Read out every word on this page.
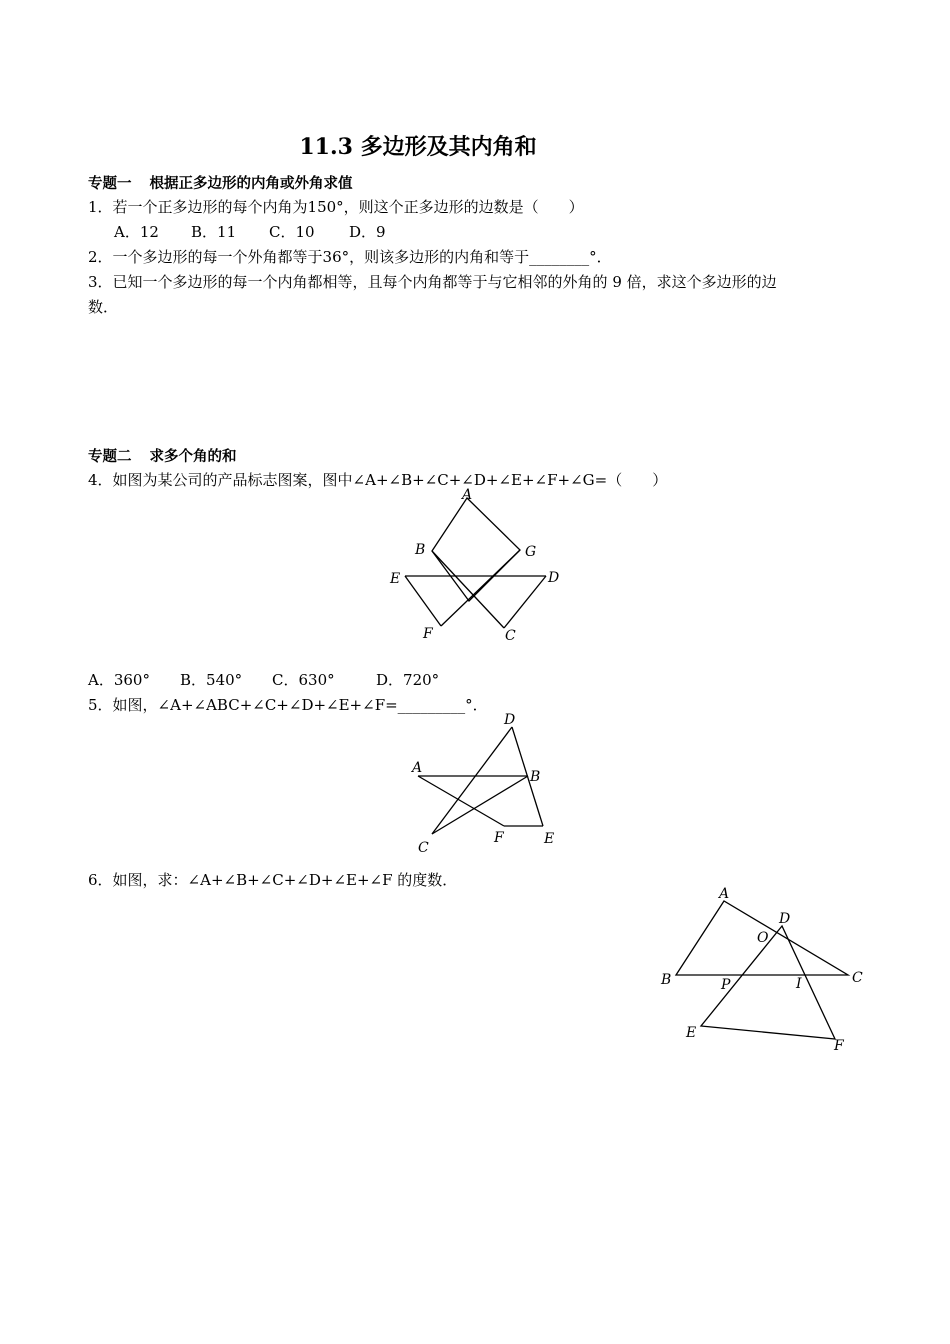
11.3 多边形及其内角和
专题一 根据正多边形的内角或外角求值
1．若一个正多边形的每个内角为150°，则这个正多边形的边数是（　　）
A．12 B．11 C．10 D．9
2．一个多边形的每一个外角都等于36°，则该多边形的内角和等于________°．
3．已知一个多边形的每一个内角都相等，且每个内角都等于与它相邻的外角的 9 倍，求这个多边形的边
数．
专题二 求多个角的和
4．如图为某公司的产品标志图案，图中∠A+∠B+∠C+∠D+∠E+∠F+∠G=（　　）
A
B	G
E	D
F	C
A．360° B．540° C．630°	D．720°
5．如图，∠A+∠ABC+∠C+∠D+∠E+∠F=_________°．
D
A
B
C
F	E
6．如图，求：∠A+∠B+∠C+∠D+∠E+∠F 的度数．
A
O
D
B	P	I	C
E
F
